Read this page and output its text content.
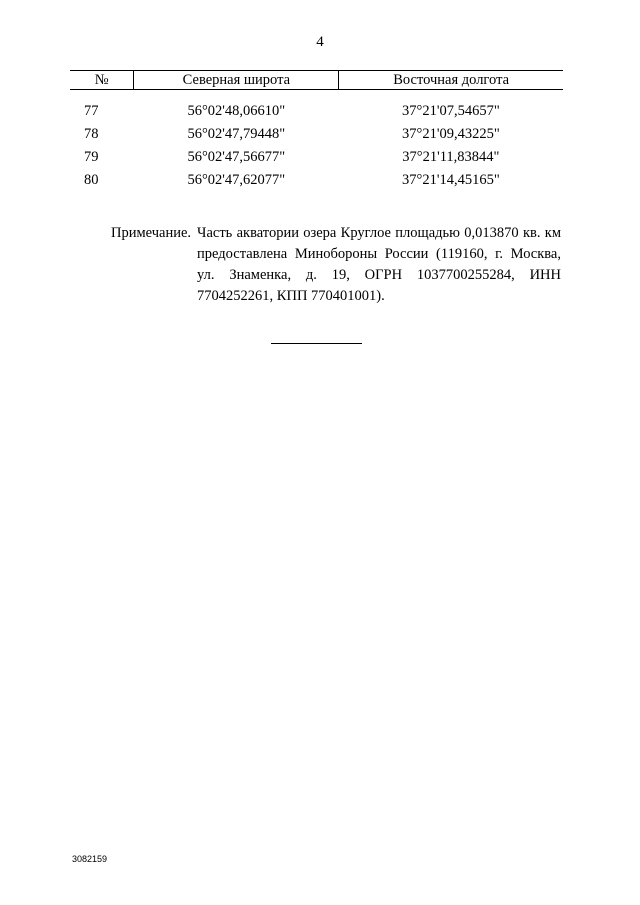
4
№	Северная широта	Восточная долгота

77	56°02'48,06610"	37°21'07,54657"
78	56°02'47,79448"	37°21'09,43225"
79	56°02'47,56677"	37°21'11,83844"
80	56°02'47,62077"	37°21'14,45165"
Примечание. Часть акватории озера Круглое площадью 0,013870 кв. км предоставлена Минобороны России (119160, г. Москва, ул. Знаменка, д. 19, ОГРН 1037700255284, ИНН 7704252261, КПП 770401001).
3082159
